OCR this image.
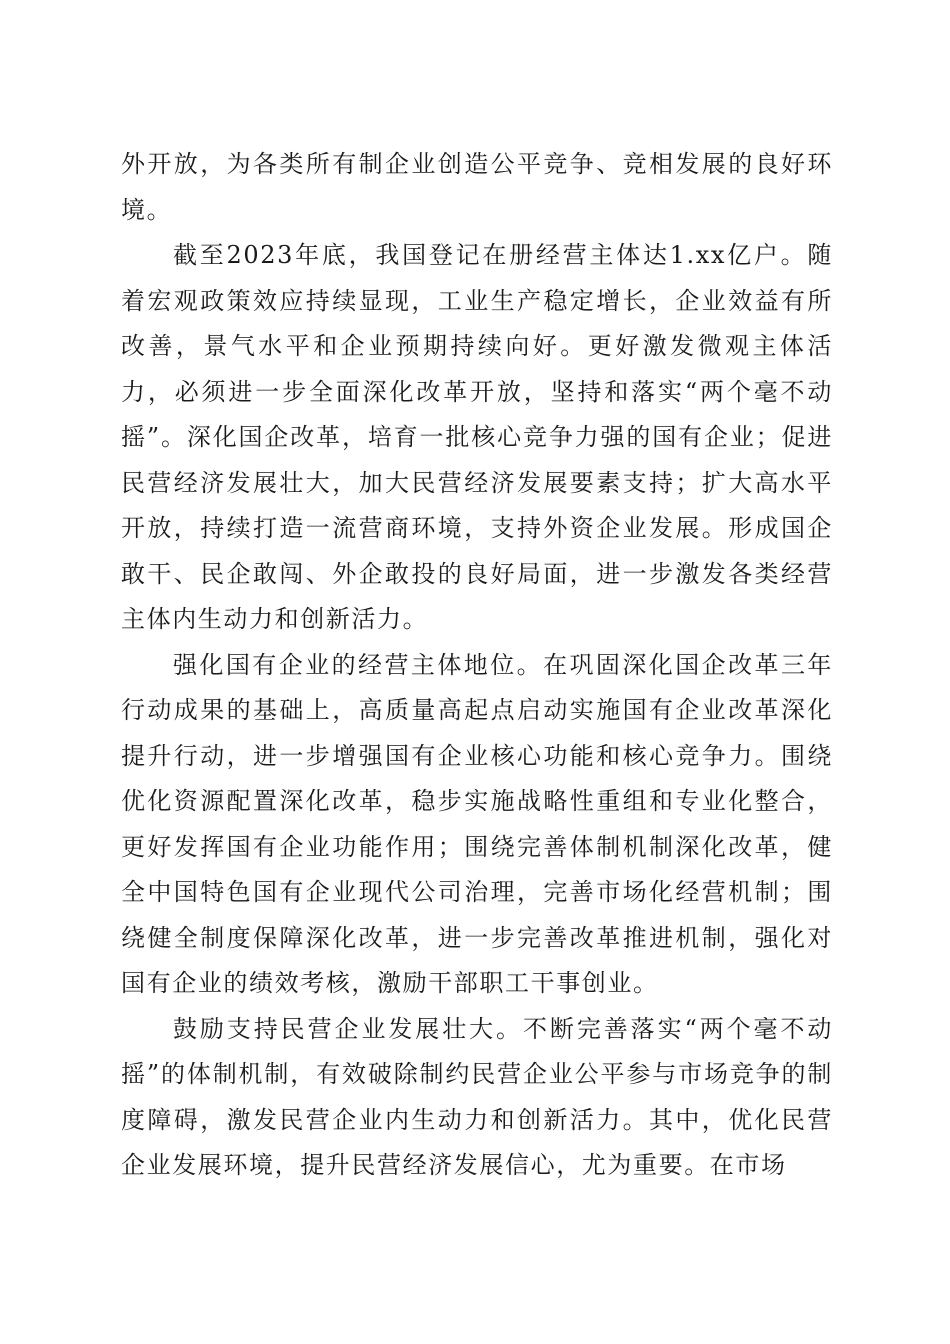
外开放，为各类所有制企业创造公平竞争、竞相发展的良好环境。

截至2023年底，我国登记在册经营主体达1.xx亿户。随着宏观政策效应持续显现，工业生产稳定增长，企业效益有所改善，景气水平和企业预期持续向好。更好激发微观主体活力，必须进一步全面深化改革开放，坚持和落实“两个毫不动摇”。深化国企改革，培育一批核心竞争力强的国有企业；促进民营经济发展壮大，加大民营经济发展要素支持；扩大高水平开放，持续打造一流营商环境，支持外资企业发展。形成国企敢干、民企敢闯、外企敢投的良好局面，进一步激发各类经营主体内生动力和创新活力。

强化国有企业的经营主体地位。在巩固深化国企改革三年行动成果的基础上，高质量高起点启动实施国有企业改革深化提升行动，进一步增强国有企业核心功能和核心竞争力。围绕优化资源配置深化改革，稳步实施战略性重组和专业化整合，更好发挥国有企业功能作用；围绕完善体制机制深化改革，健全中国特色国有企业现代公司治理，完善市场化经营机制；围绕健全制度保障深化改革，进一步完善改革推进机制，强化对国有企业的绩效考核，激励干部职工干事创业。

鼓励支持民营企业发展壮大。不断完善落实“两个毫不动摇”的体制机制，有效破除制约民营企业公平参与市场竞争的制度障碍，激发民营企业内生动力和创新活力。其中，优化民营企业发展环境，提升民营经济发展信心，尤为重要。在市场
